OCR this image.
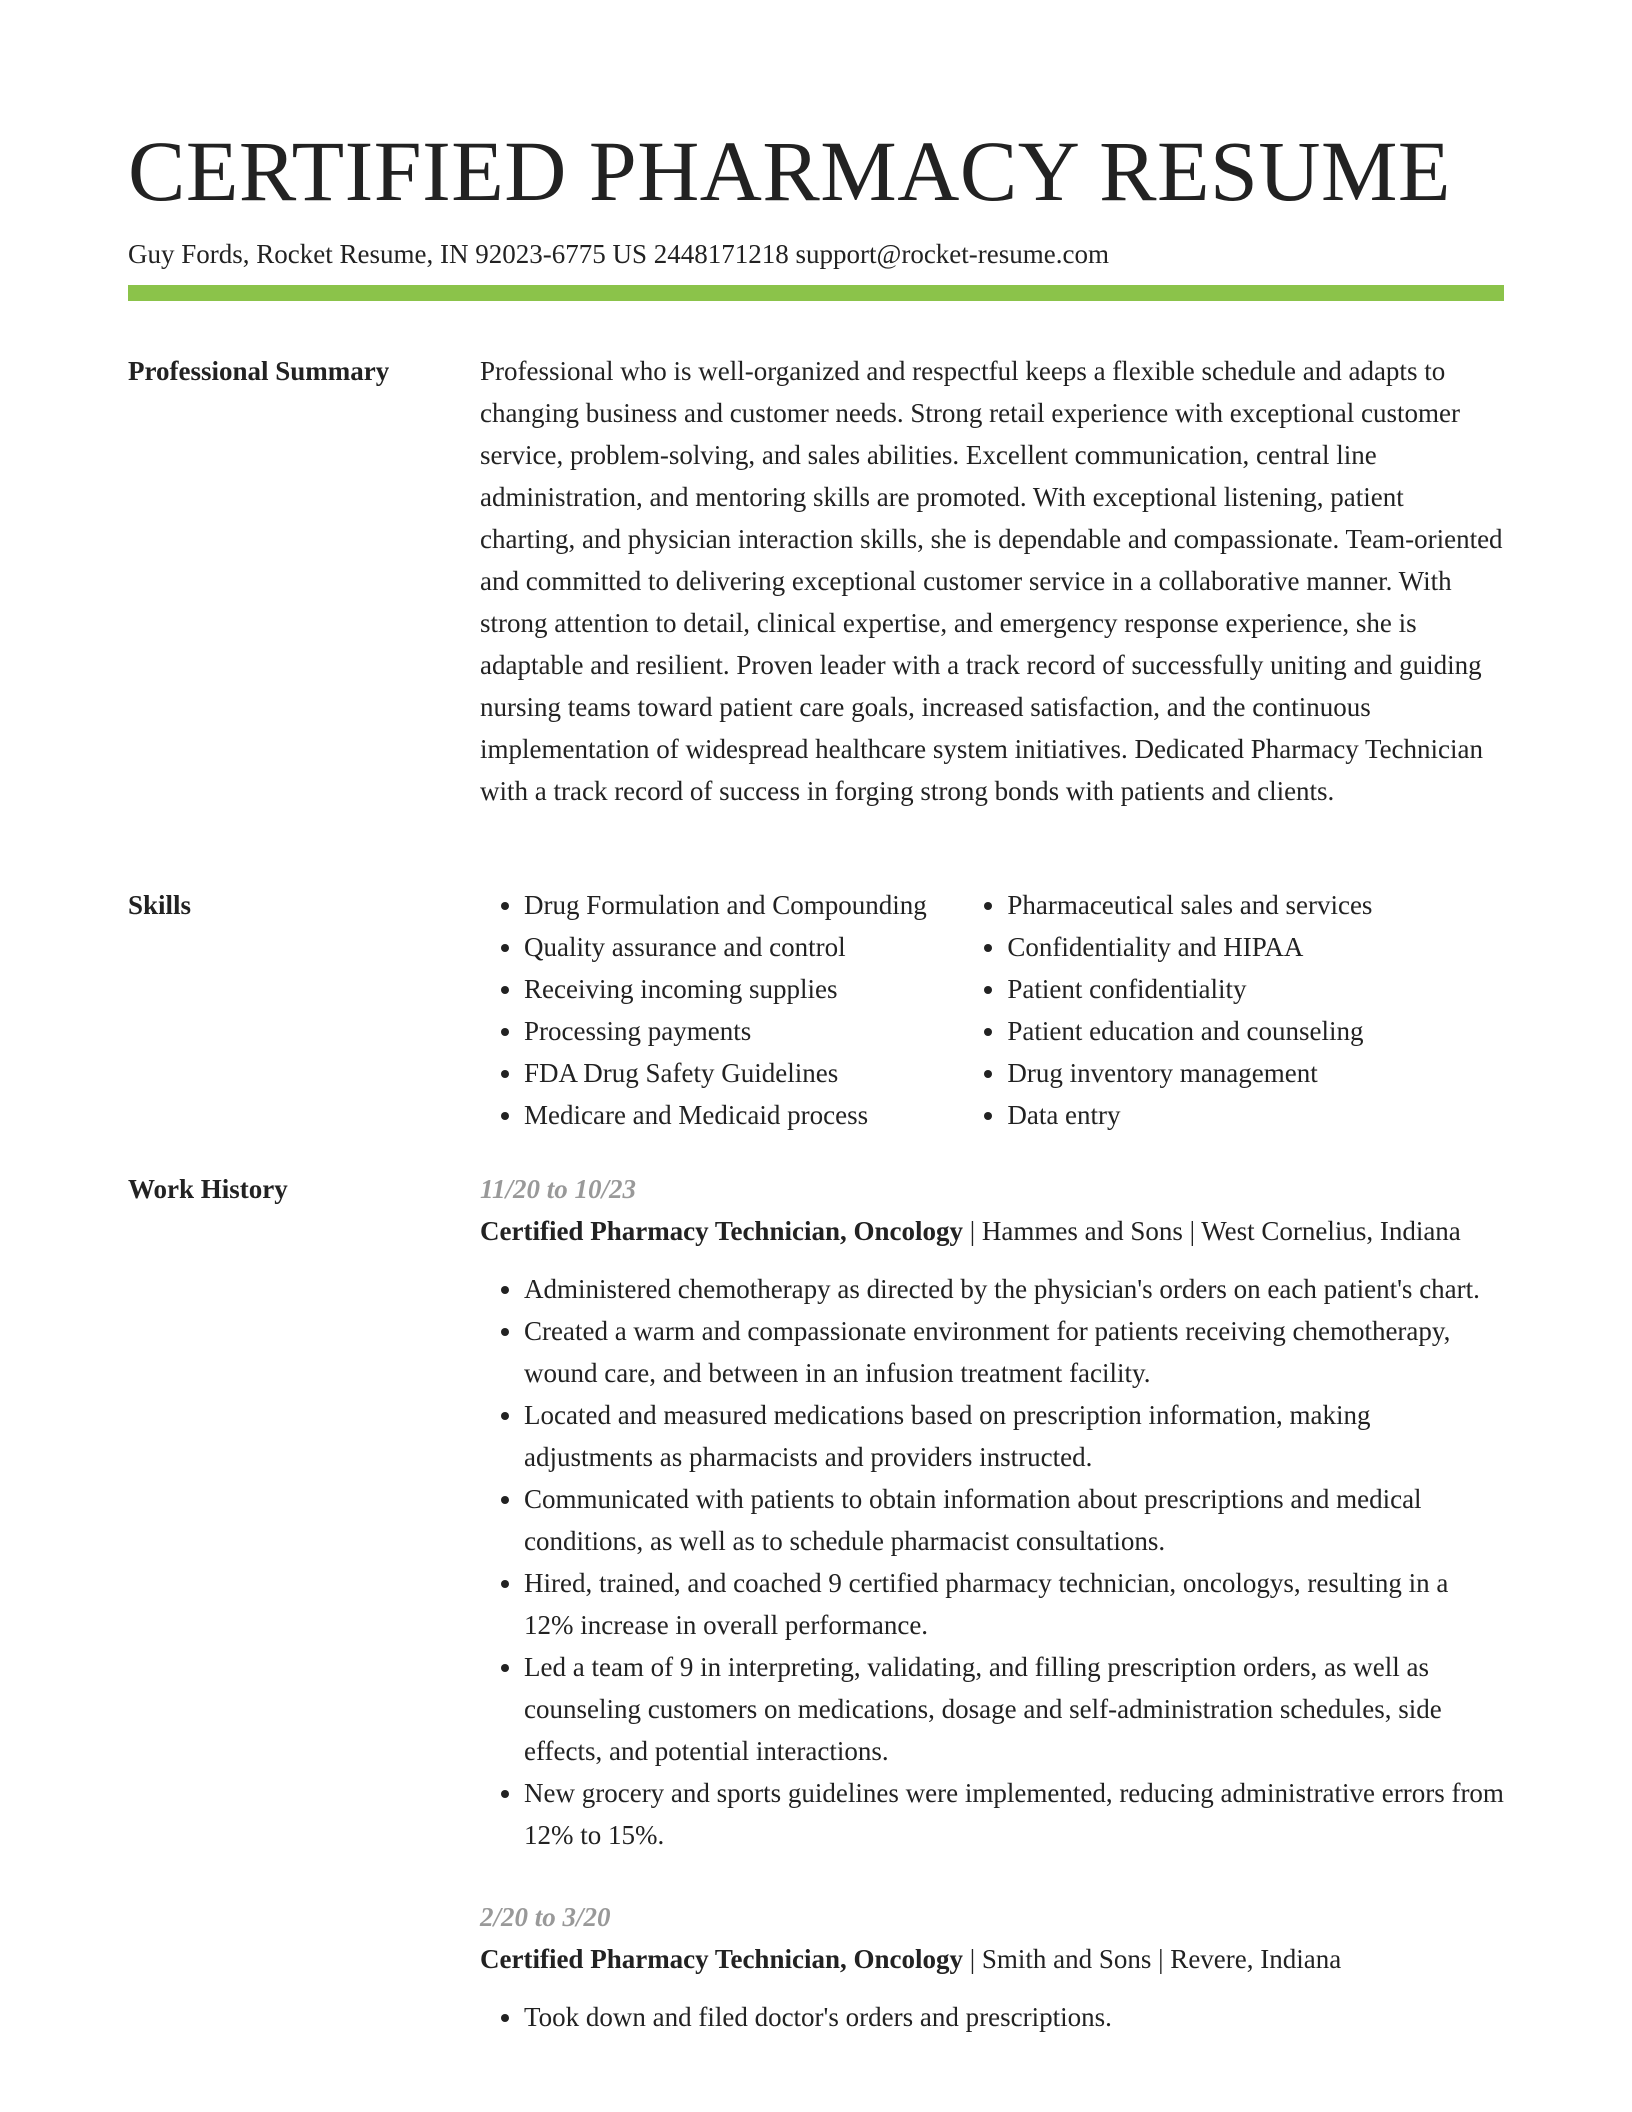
CERTIFIED PHARMACY RESUME
Guy Fords, Rocket Resume, IN 92023-6775 US 2448171218 support@rocket-resume.com
Professional Summary	Professional who is well-organized and respectful keeps a flexible schedule and adapts to changing business and customer needs. Strong retail experience with exceptional customer service, problem-solving, and sales abilities. Excellent communication, central line administration, and mentoring skills are promoted. With exceptional listening, patient charting, and physician interaction skills, she is dependable and compassionate. Team-oriented and committed to delivering exceptional customer service in a collaborative manner. With strong attention to detail, clinical expertise, and emergency response experience, she is adaptable and resilient. Proven leader with a track record of successfully uniting and guiding nursing teams toward patient care goals, increased satisfaction, and the continuous implementation of widespread healthcare system initiatives. Dedicated Pharmacy Technician with a track record of success in forging strong bonds with patients and clients.

Skills
•	Drug Formulation and Compounding
• Quality assurance and control
• Receiving incoming supplies
• Processing payments
• FDA Drug Safety Guidelines
• Medicare and Medicaid process
• Pharmaceutical sales and services
• Confidentiality and HIPAA
• Patient confidentiality
• Patient education and counseling
• Drug inventory management
• Data entry
Work History	11/20 to 10/23
Certified Pharmacy Technician, Oncology | Hammes and Sons | West Cornelius, Indiana
• Administered chemotherapy as directed by the physician's orders on each patient's chart.
• Created a warm and compassionate environment for patients receiving chemotherapy, wound care, and between in an infusion treatment facility.
• Located and measured medications based on prescription information, making adjustments as pharmacists and providers instructed.
• Communicated with patients to obtain information about prescriptions and medical conditions, as well as to schedule pharmacist consultations.
• Hired, trained, and coached 9 certified pharmacy technician, oncologys, resulting in a 12% increase in overall performance.
• Led a team of 9 in interpreting, validating, and filling prescription orders, as well as counseling customers on medications, dosage and self-administration schedules, side effects, and potential interactions.
• New grocery and sports guidelines were implemented, reducing administrative errors from 12% to 15%.
2/20 to 3/20
Certified Pharmacy Technician, Oncology | Smith and Sons | Revere, Indiana
• Took down and filed doctor's orders and prescriptions.
